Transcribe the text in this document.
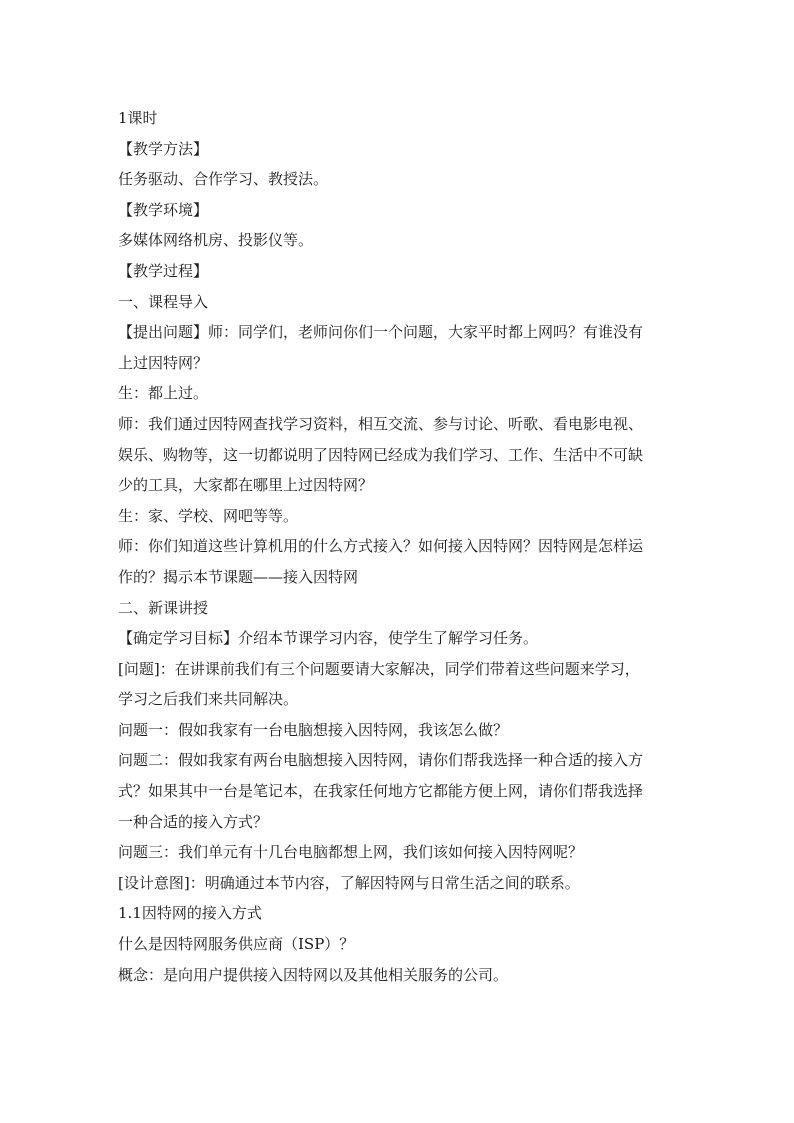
1课时

【教学方法】

任务驱动、合作学习、教授法。

【教学环境】

多媒体网络机房、投影仪等。

【教学过程】

一、课程导入

【提出问题】师：同学们，老师问你们一个问题，大家平时都上网吗？有谁没有

上过因特网？

生：都上过。

师：我们通过因特网查找学习资料，相互交流、参与讨论、听歌、看电影电视、

娱乐、购物等，这一切都说明了因特网已经成为我们学习、工作、生活中不可缺

少的工具，大家都在哪里上过因特网？

生：家、学校、网吧等等。

师：你们知道这些计算机用的什么方式接入？如何接入因特网？因特网是怎样运

作的？揭示本节课题——接入因特网

二、新课讲授

【确定学习目标】介绍本节课学习内容，使学生了解学习任务。

[问题]：在讲课前我们有三个问题要请大家解决，同学们带着这些问题来学习，

学习之后我们来共同解决。

问题一：假如我家有一台电脑想接入因特网，我该怎么做？

问题二：假如我家有两台电脑想接入因特网，请你们帮我选择一种合适的接入方

式？如果其中一台是笔记本，在我家任何地方它都能方便上网，请你们帮我选择

一种合适的接入方式？

问题三：我们单元有十几台电脑都想上网，我们该如何接入因特网呢？

[设计意图]：明确通过本节内容，了解因特网与日常生活之间的联系。

1.1因特网的接入方式

什么是因特网服务供应商（ISP）？

概念：是向用户提供接入因特网以及其他相关服务的公司。
